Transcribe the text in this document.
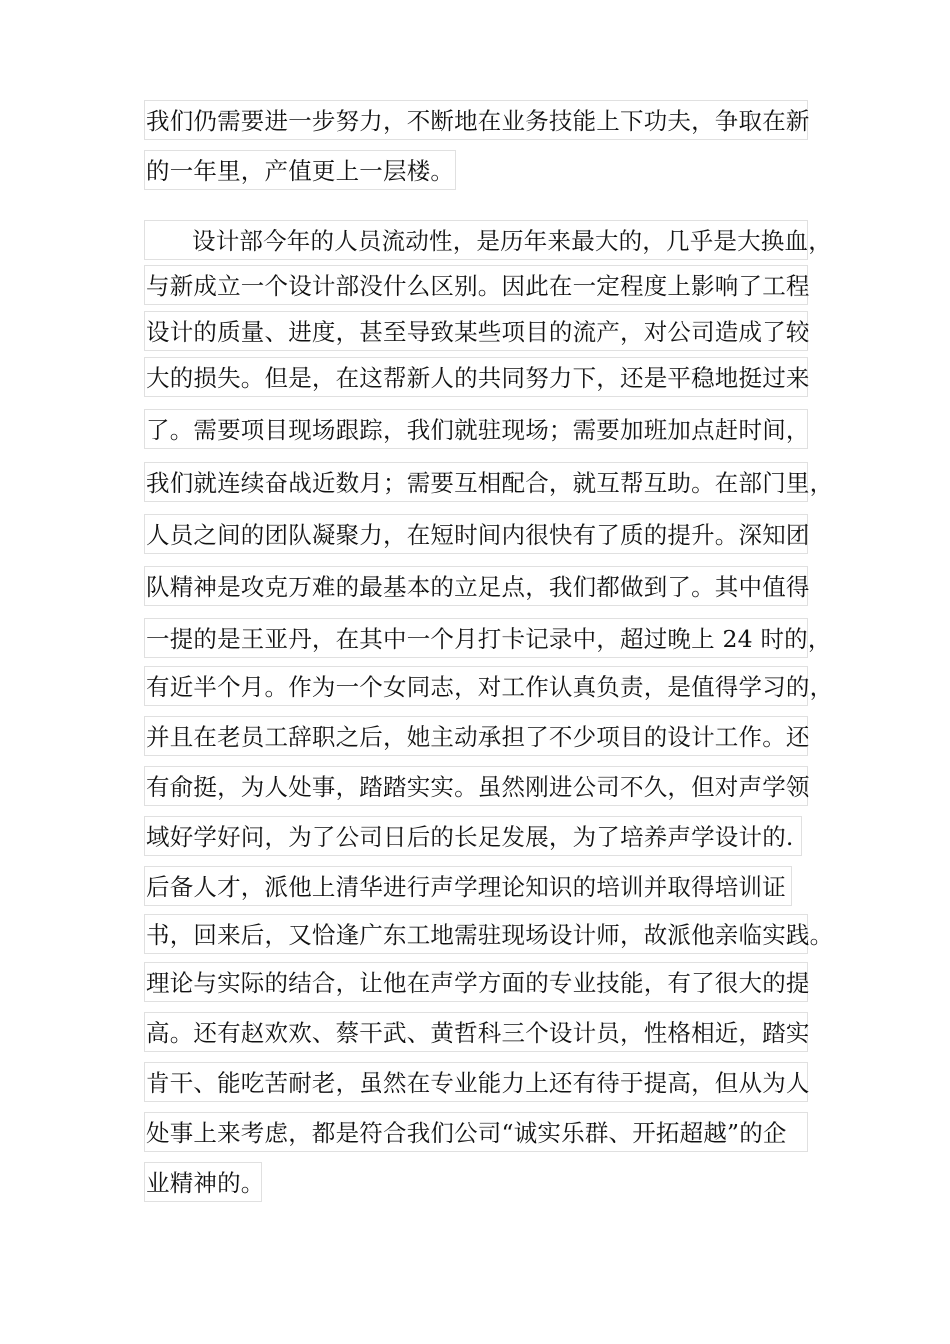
我们仍需要进一步努力，不断地在业务技能上下功夫，争取在新
的一年里，产值更上一层楼。
设计部今年的人员流动性，是历年来最大的，几乎是大换血，
与新成立一个设计部没什么区别。因此在一定程度上影响了工程
设计的质量、进度，甚至导致某些项目的流产，对公司造成了较
大的损失。但是，在这帮新人的共同努力下，还是平稳地挺过来
了。需要项目现场跟踪，我们就驻现场；需要加班加点赶时间，
我们就连续奋战近数月；需要互相配合，就互帮互助。在部门里，
人员之间的团队凝聚力，在短时间内很快有了质的提升。深知团
队精神是攻克万难的最基本的立足点，我们都做到了。其中值得
一提的是王亚丹，在其中一个月打卡记录中，超过晚上 24 时的，
有近半个月。作为一个女同志，对工作认真负责，是值得学习的，
并且在老员工辞职之后，她主动承担了不少项目的设计工作。还
有俞挺，为人处事，踏踏实实。虽然刚进公司不久，但对声学领
域好学好问，为了公司日后的长足发展，为了培养声学设计的.
后备人才，派他上清华进行声学理论知识的培训并取得培训证
书，回来后，又恰逢广东工地需驻现场设计师，故派他亲临实践。
理论与实际的结合，让他在声学方面的专业技能，有了很大的提
高。还有赵欢欢、蔡干武、黄哲科三个设计员，性格相近，踏实
肯干、能吃苦耐老，虽然在专业能力上还有待于提高，但从为人
处事上来考虑，都是符合我们公司“诚实乐群、开拓超越”的企
业精神的。
